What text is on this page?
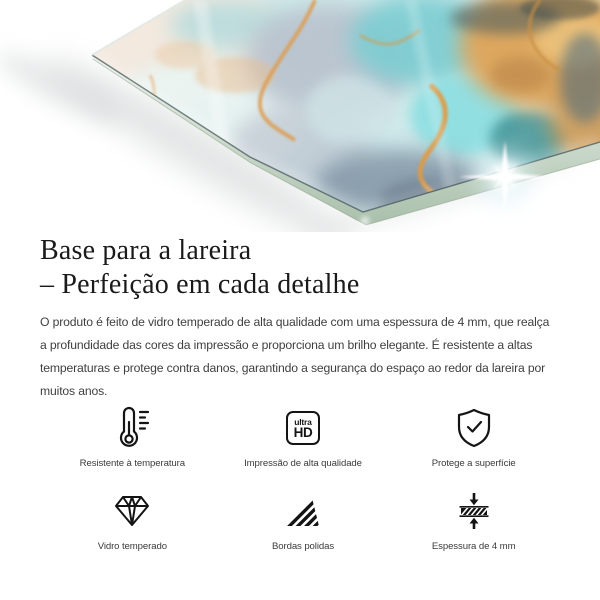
Base para a lareira
– Perfeição em cada detalhe
O produto é feito de vidro temperado de alta qualidade com uma espessura de 4 mm, que realça
a profundidade das cores da impressão e proporciona um brilho elegante. É resistente a altas
temperaturas e protege contra danos, garantindo a segurança do espaço ao redor da lareira por
muitos anos.
Resistente à temperatura
ultra
HD
Impressão de alta qualidade	Protege a superfície
Vidro temperado	Bordas polidas	Espessura de 4 mm
